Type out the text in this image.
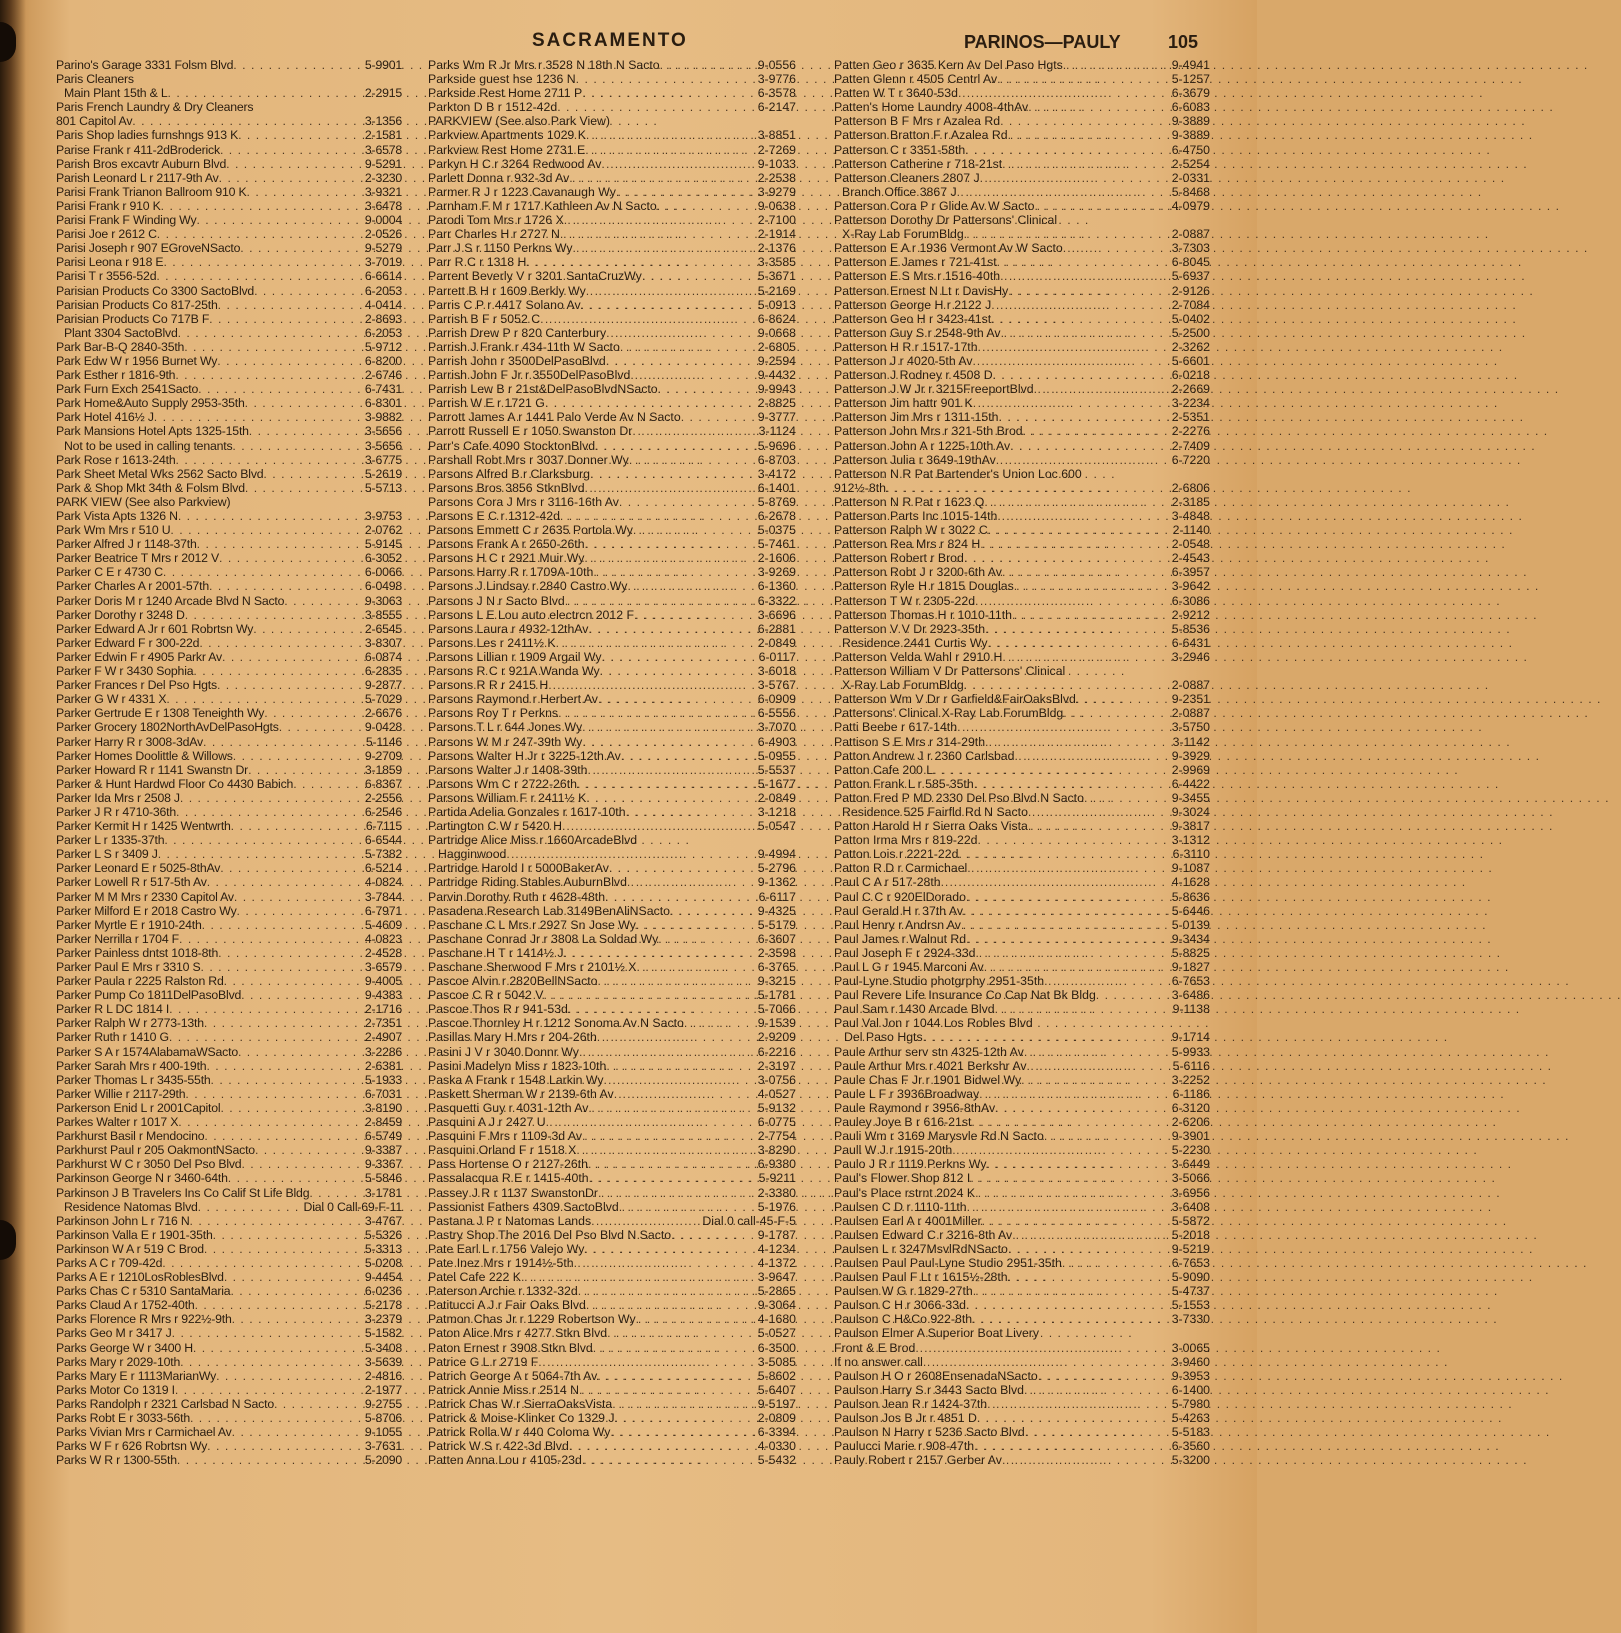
SACRAMENTO	PARINOS—PAULY	105
Parino's Garage 3331 Folsm Blvd . . .	5-9901
Paris Cleaners
Main Plant 15th & L . . .	2-2915
Paris French Laundry & Dry Cleaners
801 Capitol Av . . .	3-1356
Paris Shop ladies furnshngs 913 K . . .	2-1581
Parise Frank r 411-2dBroderick . . .	3-6578
Parish Bros excavtr Auburn Blvd . . .	9-5291
Parish Leonard L r 2117-9th Av . . .	2-3230
Parisi Frank Trianon Ballroom 910 K . . .	3-9321
Parisi Frank r 910 K . . .	3-6478
Parisi Frank F Winding Wy . . .	9-0004
Parisi Joe r 2612 C . . .	2-0526
Parisi Joseph r 907 EGroveNSacto . . .	9-5279
Parisi Leona r 918 E . . .	3-7019
Parisi T r 3556-52d . . .	6-6614
Parisian Products Co 3300 SactoBlvd . . .	6-2053
Parisian Products Co 817-25th . . .	4-0414
Parisian Products Co 717B F . . .	2-8693
Plant 3304 SactoBlvd . . .	6-2053
Park Bar-B-Q 2840-35th . . .	5-9712
Park Edw W r 1956 Burnet Wy . . .	6-8200
Park Esther r 1816-9th . . .	2-6746
Park Furn Exch 2541Sacto . . .	6-7431
Park Home&Auto Supply 2953-35th . . .	6-8301
Park Hotel 416½ J . . .	3-9882
Park Mansions Hotel Apts 1325-15th . . .	3-5656
Not to be used in calling tenants . . .	3-5656
Park Rose r 1613-24th . . .	3-6775
Park Sheet Metal Wks 2562 Sacto Blvd . . .	5-2619
Park & Shop Mkt 34th & Folsm Blvd . . .	5-5713
PARK VIEW (See also Parkview)
Park Vista Apts 1326 N . . .	3-9753
Park Wm Mrs r 510 U . . .	2-0762
Parker Alfred J r 1148-37th . . .	5-9145
Parker Beatrice T Mrs r 2012 V . . .	6-3052
Parker C E r 4730 C . . .	6-0066
Parker Charles A r 2001-57th . . .	6-0498
Parker Doris M r 1240 Arcade Blvd N Sacto . . .	9-3063
Parker Dorothy r 3248 D . . .	3-8555
Parker Edward A Jr r 601 Robrtsn Wy . . .	2-6545
Parker Edward F r 300-22d . . .	3-8307
Parker Edwin F r 4905 Parkr Av . . .	6-0874
Parker F W r 3430 Sophia . . .	6-2835
Parker Frances r Del Pso Hgts . . .	9-2877
Parker G W r 4331 X . . .	5-7029
Parker Gertrude E r 1308 Teneighth Wy . . .	2-6676
Parker Grocery 1802NorthAvDelPasoHgts . . .	9-0428
Parker Harry R r 3008-3dAv . . .	5-1146
Parker Homes Doolittle & Willows . . .	9-2709
Parker Howard R r 1141 Swanstn Dr . . .	3-1859
Parker & Hunt Hardwd Floor Co 4430 Babich . . .	6-8367
Parker Ida Mrs r 2508 J . . .	2-2556
Parker J R r 4710-36th . . .	6-2546
Parker Kermit H r 1425 Wentwrth . . .	6-7115
Parker L r 1335-37th . . .	6-6544
Parker L S r 3409 J . . .	5-7382
Parker Leonard E r 5025-8thAv . . .	6-5214
Parker Lowell R r 517-5th Av . . .	4-0824
Parker M M Mrs r 2330 Capitol Av . . .	3-7844
Parker Milford E r 2018 Castro Wy . . .	6-7971
Parker Myrtle E r 1910-24th . . .	5-4609
Parker Nerrilla r 1704 F . . .	4-0823
Parker Painless dntst 1018-8th . . .	2-4528
Parker Paul E Mrs r 3310 S . . .	3-6579
Parker Paula r 2225 Ralston Rd . . .	9-4005
Parker Pump Co 1811DelPasoBlvd . . .	9-4383
Parker R L DC 1814 I . . .	2-1716
Parker Ralph W r 2773-13th . . .	2-7351
Parker Ruth r 1410 G . . .	2-4907
Parker S A r 1574AlabamaWSacto . . .	3-2286
Parker Sarah Mrs r 400-19th . . .	2-6381
Parker Thomas L r 3435-55th . . .	5-1933
Parker Willie r 2117-29th . . .	6-7031
Parkerson Enid L r 2001Capitol . . .	3-8190
Parkes Walter r 1017 X . . .	2-8459
Parkhurst Basil r Mendocino . . .	6-5749
Parkhurst Paul r 205 OakmontNSacto . . .	9-3387
Parkhurst W C r 3050 Del Pso Blvd . . .	9-3367
Parkinson George N r 3460-64th . . .	5-5846
Parkinson J B Travelers Ins Co Calif St Life Bldg . . .	3-1781
Residence Natomas Blvd . . .	Dial 0 Call-69-F-11
Parkinson John L r 716 N . . .	3-4767
Parkinson Valla E r 1901-35th . . .	5-5326
Parkinson W A r 519 C Brod . . .	5-3313
Parks A C r 709-42d . . .	5-0208
Parks A E r 1210LosRoblesBlvd . . .	9-4454
Parks Chas C r 5310 SantaMaria . . .	6-0236
Parks Claud A r 1752-40th . . .	5-2178
Parks Florence R Mrs r 922½-9th . . .	3-2379
Parks Geo M r 3417 J . . .	5-1582
Parks George W r 3400 H . . .	5-3408
Parks Mary r 2029-10th . . .	3-5639
Parks Mary E r 1113MarianWy . . .	2-4816
Parks Motor Co 1319 I . . .	2-1977
Parks Randolph r 2321 Carlsbad N Sacto . . .	9-2755
Parks Robt E r 3033-56th . . .	5-8706
Parks Vivian Mrs r Carmichael Av . . .	9-1055
Parks W F r 626 Robrtsn Wy . . .	3-7631
Parks W R r 1300-55th . . .	5-2090
Parks Wm R Jr Mrs r 3528 N 18th N Sacto . . .	9-0556
Parkside guest hse 1236 N . . .	3-9776
Parkside Rest Home 2711 P . . .	6-3578
Parkton D B r 1512-42d . . .	6-2147
PARKVIEW (See also Park View)
Parkview Apartments 1029 K . . .	3-8851
Parkview Rest Home 2731 E . . .	2-7269
Parkyn H C r 3264 Redwood Av . . .	9-1033
Parlett Donna r 932-3d Av . . .	2-2538
Parmer R J r 1223 Cavanaugh Wy . . .	3-9279
Parnham F M r 1717 Kathleen Av N Sacto . . .	9-0638
Parodi Tom Mrs r 1726 X . . .	2-7100
Parr Charles H r 2727 N . . .	2-1914
Parr J S r 1150 Perkns Wy . . .	2-1376
Parr R C r 1318 H . . .	3-3585
Parrent Beverly V r 3201 SantaCruzWy . . .	5-3671
Parrett B H r 1609 Berkly Wy . . .	5-2169
Parris C P r 4417 Solano Av . . .	5-0913
Parrish B F r 5052 C . . .	6-8624
Parrish Drew P r 820 Canterbury . . .	9-0668
Parrish J Frank r 434-11th W Sacto . . .	2-6805
Parrish John r 3500DelPasoBlvd . . .	9-2594
Parrish John F Jr r 3550DelPasoBlvd . . .	9-4432
Parrish Lew B r 21st&DelPasoBlvdNSacto . . .	9-9943
Parrish W E r 1721 G . . .	2-8825
Parrott James A r 1441 Palo Verde Av N Sacto . . .	9-3777
Parrott Russell E r 1050 Swanston Dr . . .	3-1124
Parr's Cafe 4090 StocktonBlvd . . .	5-9696
Parshall Robt Mrs r 3037 Donner Wy . . .	6-8703
Parsons Alfred B r Clarksburg . . .	3-4172
Parsons Bros 3856 StknBlvd . . .	6-1401
Parsons Cora J Mrs r 3116-16th Av . . .	5-8769
Parsons E C r 1312-42d . . .	6-2678
Parsons Emmett C r 2635 Portola Wy . . .	5-0375
Parsons Frank A r 2650-26th . . .	5-7461
Parsons H C r 2921 Muir Wy . . .	2-1606
Parsons Harry R r 1709A-10th . . .	3-9269
Parsons J Lindsay r 2840 Castro Wy . . .	6-1360
Parsons J N r Sacto Blvd . . .	6-3322
Parsons L E Lou auto electrcn 2012 F . . .	3-6696
Parsons Laura r 4932-12thAv . . .	6-2881
Parsons Les r 2411½ K . . .	2-0849
Parsons Lillian r 1909 Argail Wy . . .	6-0117
Parsons R C r 921A Wanda Wy . . .	3-6018
Parsons R R r 2415 H . . .	3-5767
Parsons Raymond r Herbert Av . . .	6-0909
Parsons Roy T r Perkns . . .	6-5556
Parsons T L r 644 Jones Wy . . .	3-7070
Parsons W M r 247-39th Wy . . .	6-4903
Parsons Walter H Jr r 3225-12th Av . . .	5-0955
Parsons Walter J r 1408-39th . . .	5-5537
Parsons Wm C r 2722-26th . . .	5-1677
Parsons William F r 2411½ K . . .	2-0849
Partida Adelia Gonzales r 1617-10th . . .	3-1218
Partington C W r 5420 H . . .	5-0547
Partridge Alice Miss r 1660ArcadeBlvd
Hagginwood . . .	9-4994
Partridge Harold I r 5000BakerAv . . .	5-2796
Partridge Riding Stables AuburnBlvd . . .	9-1362
Parvin Dorothy Ruth r 4628-48th . . .	6-6117
Pasadena Research Lab 3149BenAliNSacto . . .	9-4325
Paschane C L Mrs r 2927 Sn Jose Wy . . .	5-5179
Paschane Conrad Jr r 3808 La Soldad Wy . . .	6-3607
Paschane H T r 1414½ J . . .	2-3598
Paschane Sherwood F Mrs r 2101½ X . . .	6-3765
Pascoe Alvin r 2820BellNSacto . . .	9-3215
Pascoe C R r 5042 V . . .	5-1781
Pascoe Thos R r 941-53d . . .	5-7066
Pascoe Thornley H r 1212 Sonoma Av N Sacto . . .	9-1539
Pasillas Mary H Mrs r 204-26th . . .	2-9209
Pasini J V r 3040 Donnr Wy . . .	6-2216
Pasini Madelyn Miss r 1823-10th . . .	2-3197
Paska A Frank r 1548 Larkin Wy . . .	3-0756
Paskett Sherman W r 2139-6th Av . . .	4-0527
Pasquetti Guy r 4031-12th Av . . .	5-9132
Pasquini A J r 2427 U . . .	6-0775
Pasquini F Mrs r 1109-3d Av . . .	2-7754
Pasquini Orland F r 1518 X . . .	3-8290
Pass Hortense O r 2127-26th . . .	6-9380
Passalacqua R E r 1415-40th . . .	5-9211
Passey J R r 1137 SwanstonDr . . .	2-3380
Passionist Fathers 4309 SactoBlvd . . .	5-1976
Pastana J P r Natomas Lands . . .	Dial 0 call-45-F-5
Pastry Shop The 2016 Del Pso Blvd N Sacto . . .	9-1787
Pate Earl L r 1756 Valejo Wy . . .	4-1234
Pate Inez Mrs r 1914½-5th . . .	4-1372
Patel Cafe 222 K . . .	3-9647
Paterson Archie r 1332-32d . . .	5-2865
Patitucci A J r Fair Oaks Blvd . . .	9-3064
Patmon Chas Jr r 1229 Robertson Wy . . .	4-1680
Paton Alice Mrs r 4277 Stkn Blvd . . .	5-0527
Paton Ernest r 3908 Stkn Blvd . . .	6-3500
Patrice G L r 2719 F . . .	3-5085
Patrich George A r 5064-7th Av . . .	5-8602
Patrick Annie Miss r 2514 N . . .	5-6407
Patrick Chas W r SierraOaksVista . . .	9-5197
Patrick & Moise-Klinker Co 1329 J . . .	2-0809
Patrick Rolla W r 440 Coloma Wy . . .	6-3394
Patrick W S r 422-3d Blvd . . .	4-0330
Patten Anna Lou r 4105-23d . . .	5-5432
Patten Geo r 3635 Kern Av Del Paso Hgts . . .	9-4941
Patten Glenn r 4505 Centrl Av . . .	5-1257
Patten W T r 3640-53d . . .	6-3679
Patten's Home Laundry 4008-4thAv . . .	6-6083
Patterson B F Mrs r Azalea Rd . . .	9-3889
Patterson Bratton F r Azalea Rd . . .	9-3889
Patterson C r 3351-58th . . .	6-4750
Patterson Catherine r 718-21st . . .	2-5254
Patterson Cleaners 2807 J . . .	2-0331
Branch Office 3867 J . . .	5-8468
Patterson Cora P r Glide Av W Sacto . . .	4-0979
Patterson Dorothy Dr Pattersons' Clinical
X-Ray Lab ForumBldg . . .	2-0887
Patterson E A r 1936 Vermont Av W Sacto . . .	3-7303
Patterson E James r 721-41st . . .	6-8045
Patterson E S Mrs r 1516-40th . . .	5-6937
Patterson Ernest N Lt r DavisHy . . .	2-9126
Patterson George H r 2122 J . . .	2-7084
Patterson Geo H r 3423-41st . . .	5-0402
Patterson Guy S r 2548-9th Av . . .	5-2500
Patterson H R r 1517-17th . . .	2-3262
Patterson J r 4020-5th Av . . .	5-6601
Patterson J Rodney r 4508 D . . .	6-0218
Patterson J W Jr r 3215FreeportBlvd . . .	2-2669
Patterson Jim hattr 901 K . . .	3-2234
Patterson Jim Mrs r 1311-15th . . .	2-5351
Patterson John Mrs r 321-5th Brod . . .	2-2276
Patterson John A r 1225-10th Av . . .	2-7409
Patterson Julia r 3649-19thAv . . .	6-7220
Patterson N R Pat Bartender's Union Loc 600
912½-8th . . .	2-6806
Patterson N R Pat r 1623 Q . . .	2-3185
Patterson Parts Inc 1015-14th . . .	3-4848
Patterson Ralph W r 3022 C . . .	2-1140
Patterson Rea Mrs r 824 H . . .	2-0548
Patterson Robert r Brod . . .	2-4543
Patterson Robt J r 3200-6th Av . . .	6-3957
Patterson Ryle H r 1815 Douglas . . .	3-9642
Patterson T W r 2305-22d . . .	6-3086
Patterson Thomas H r 1010-11th . . .	2-9212
Patterson V V Dr 2923-35th . . .	5-8536
Residence 2441 Curtis Wy . . .	6-6431
Patterson Velda Wahl r 2910 H . . .	3-2946
Patterson William V Dr Pattersons' Clinical
X-Ray Lab ForumBldg . . .	2-0887
Patterson Wm V Dr r Garfield&FairOaksBlvd . . .	9-2351
Pattersons' Clinical X-Ray Lab ForumBldg . . .	2-0887
Patti Beebe r 617-14th . . .	3-5750
Pattison S E Mrs r 314-29th . . .	3-1142
Patton Andrew J r 2360 Carlsbad . . .	9-3929
Patton Cafe 200 L . . .	2-9969
Patton Frank L r 585-35th . . .	6-4422
Patton Fred P MD 2330 Del Pso Blvd N Sacto . . .	9-3455
Residence 525 Fairfld Rd N Sacto . . .	9-3024
Patton Harold H r Sierra Oaks Vista . . .	9-3817
Patton Irma Mrs r 819-22d . . .	3-1312
Patton Lois r 2221-22d . . .	6-3110
Patton R D r Carmichael . . .	9-1087
Paul C A r 517-28th . . .	4-1628
Paul C C r 920ElDorado . . .	5-8636
Paul Gerald H r 37th Av . . .	5-6446
Paul Henry r Andrsn Av . . .	5-0139
Paul James r Walnut Rd . . .	9-3434
Paul Joseph F r 2924-33d . . .	5-8825
Paul L G r 1945 Marconi Av . . .	9-1827
Paul-Lyne Studio photgrphy 2951-35th . . .	6-7653
Paul Revere Life Insurance Co Cap Nat Bk Bldg . . .	3-6486
Paul Sam r 1430 Arcade Blvd . . .	9-1138
Paul Val Jon r 1044 Los Robles Blvd
Del Paso Hgts . . .	9-1714
Paule Arthur serv stn 4325-12th Av . . .	5-9933
Paule Arthur Mrs r 4021 Berkshr Av . . .	5-6116
Paule Chas F Jr r 1901 Bidwel Wy . . .	3-2252
Paule L F r 3936Broadway . . .	6-1186
Paule Raymond r 3956-8thAv . . .	6-3120
Pauley Joye B r 616-21st . . .	2-6206
Pauli Wm r 3169 Marysvle Rd N Sacto . . .	9-3901
Paull W J r 1915-20th . . .	5-2230
Paulo J R r 1119 Perkns Wy . . .	3-6449
Paul's Flower Shop 812 I . . .	3-5066
Paul's Place rstrnt 2024 K . . .	3-6956
Paulsen C D r 1110-11th . . .	3-6408
Paulsen Earl A r 4001Miller . . .	5-5872
Paulsen Edward C r 3216-8th Av . . .	5-2018
Paulsen L r 3247MsvlRdNSacto . . .	9-5219
Paulsen Paul Paul-Lyne Studio 2951-35th . . .	6-7653
Paulsen Paul F Lt r 1615½-28th . . .	5-9090
Paulsen W G r 1829-27th . . .	5-4737
Paulson C H r 3066-33d . . .	5-1553
Paulson C H&Co 922-8th . . .	3-7330
Paulson Elmer A Superior Boat Livery
Front & E Brod . . .	3-0065
If no answer call . . .	3-9460
Paulson H O r 2608EnsenadaNSacto . . .	9-3953
Paulson Harry S r 3443 Sacto Blvd . . .	6-1400
Paulson Jean R r 1424-37th . . .	5-7980
Paulson Jos B Jr r 4851 D . . .	5-4263
Paulson N Harry r 5236 Sacto Blvd . . .	5-5183
Paulucci Marie r 908-47th . . .	6-3560
Pauly Robert r 2157 Gerber Av . . .	5-3200
